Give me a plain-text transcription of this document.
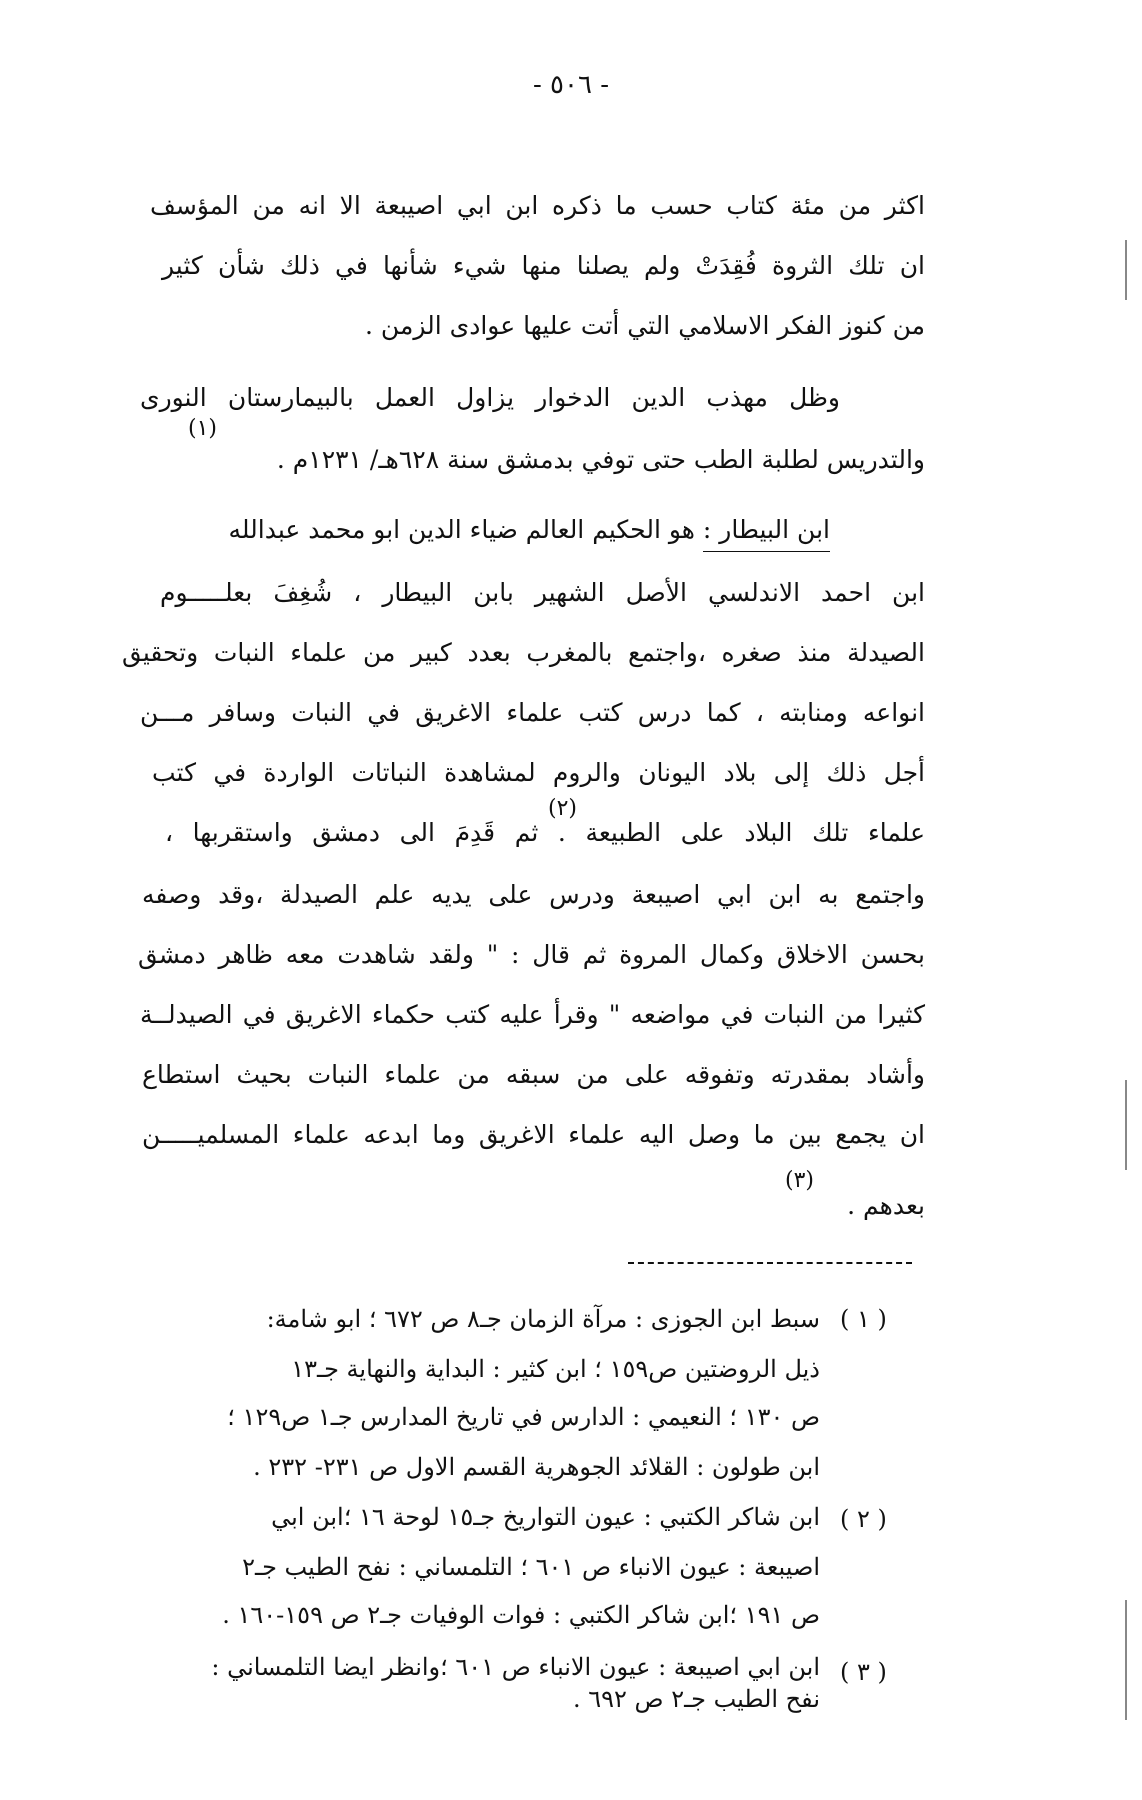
- ٥٠٦ -
اكثر من مئة كتاب حسب ما ذكره ابن ابي اصيبعة الا انه من المؤسف
ان تلك الثروة فُقِدَتْ ولم يصلنا منها شيء شأنها في ذلك شأن كثير
من كنوز الفكر الاسلامي التي أتت عليها عوادى الزمن .
وظل مهذب الدين الدخوار يزاول العمل بالبيمارستان النورى
(١)
والتدريس لطلبة الطب حتى توفي بدمشق سنة ٦٢٨هـ/ ١٢٣١م .
ابن البيطار : هو الحكيم العالم ضياء الدين ابو محمد عبدالله
ابن احمد الاندلسي الأصل الشهير بابن البيطار ، شُغِفَ بعلـــــوم
الصيدلة منذ صغره ،واجتمع بالمغرب بعدد كبير من علماء النبات وتحقيق
انواعه ومنابته ، كما درس كتب علماء الاغريق في النبات وسافر مـــن
أجل ذلك إلى بلاد اليونان والروم لمشاهدة النباتات الواردة في كتب
(٢)
علماء تلك البلاد على الطبيعة . ثم قَدِمَ الى دمشق واستقربها ،
واجتمع به ابن ابي اصيبعة ودرس على يديه علم الصيدلة ،وقد وصفه
بحسن الاخلاق وكمال المروة ثم قال : " ولقد شاهدت معه ظاهر دمشق
كثيرا من النبات في مواضعه " وقرأ عليه كتب حكماء الاغريق في الصيدلــة
وأشاد بمقدرته وتفوقه على من سبقه من علماء النبات بحيث استطاع
ان يجمع بين ما وصل اليه علماء الاغريق وما ابدعه علماء المسلميـــــن
(٣)
بعدهم .
( ١ )
سبط ابن الجوزى : مرآة الزمان جـ٨ ص ٦٧٢ ؛ ابو شامة:
ذيل الروضتين ص١٥٩ ؛ ابن كثير : البداية والنهاية جـ١٣
ص ١٣٠ ؛ النعيمي : الدارس في تاريخ المدارس جـ١ ص١٢٩ ؛
ابن طولون : القلائد الجوهرية القسم الاول ص ٢٣١- ٢٣٢ .
( ٢ )
ابن شاكر الكتبي : عيون التواريخ جـ١٥ لوحة ١٦ ؛ابن ابي
اصيبعة : عيون الانباء ص ٦٠١ ؛ التلمساني : نفح الطيب جـ٢
ص ١٩١ ؛ابن شاكر الكتبي : فوات الوفيات جـ٢ ص ١٥٩-١٦٠ .
( ٣ )
ابن ابي اصيبعة : عيون الانباء ص ٦٠١ ؛وانظر ايضا التلمساني :
نفح الطيب جـ٢ ص ٦٩٢ .
